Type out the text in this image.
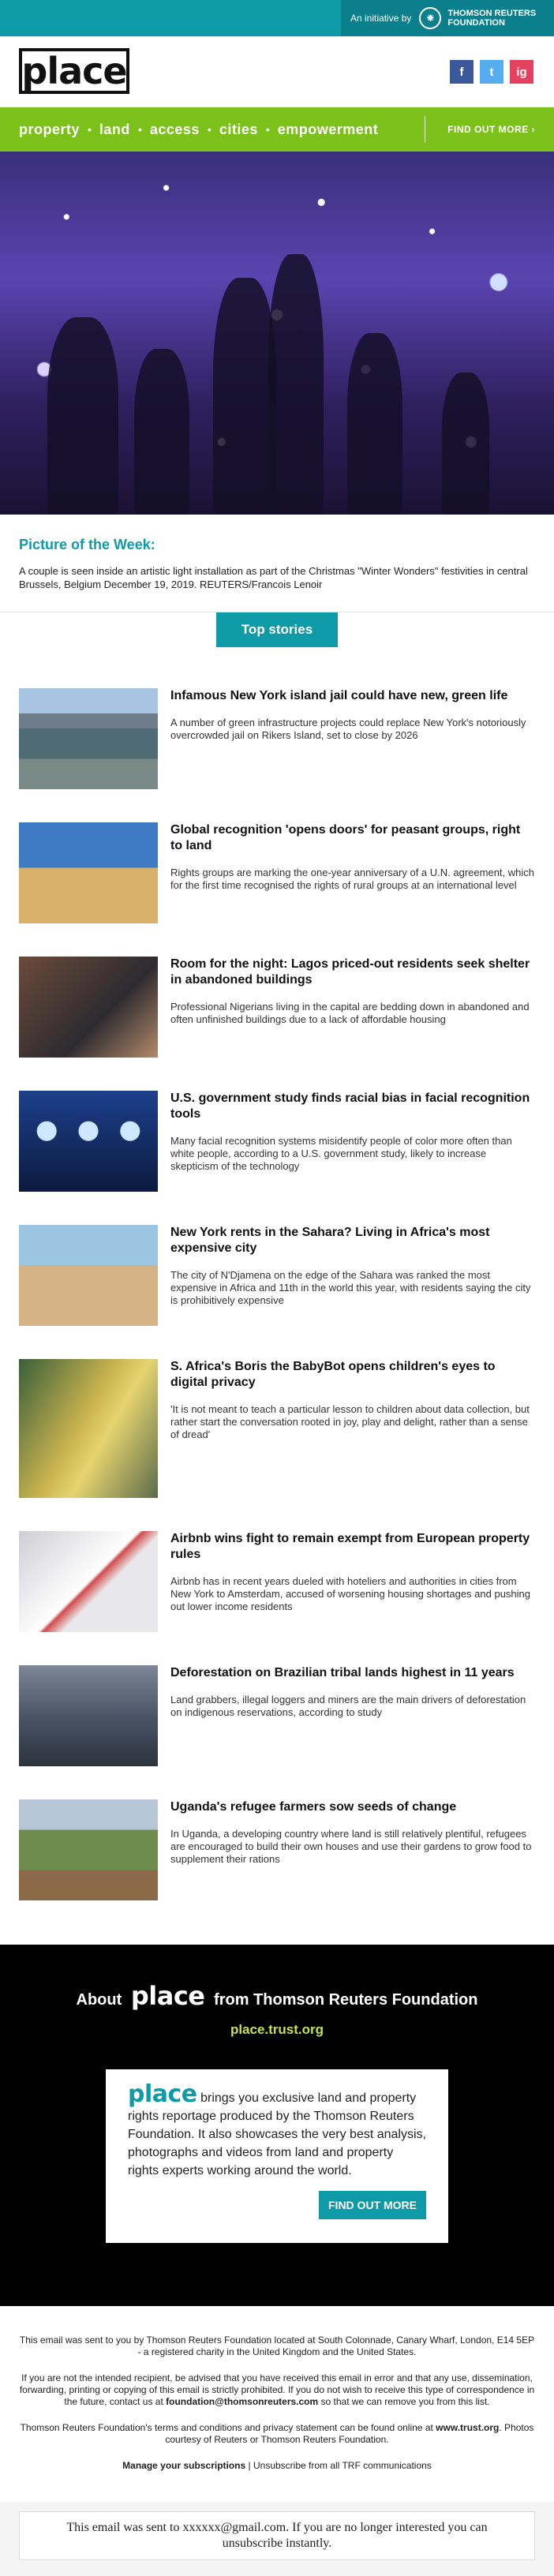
An initiative by	✺	THOMSON REUTERS
FOUNDATION
place	f	t	ig
property • land • access • cities • empowerment	FIND OUT MORE ›
Picture of the Week:
A couple is seen inside an artistic light installation as part of the Christmas "Winter Wonders" festivities in central Brussels, Belgium December 19, 2019. REUTERS/Francois Lenoir
Top stories
Infamous New York island jail could have new, green life
A number of green infrastructure projects could replace New York's notoriously overcrowded jail on Rikers Island, set to close by 2026
Global recognition 'opens doors' for peasant groups, right to land
Rights groups are marking the one-year anniversary of a U.N. agreement, which for the first time recognised the rights of rural groups at an international level
Room for the night: Lagos priced-out residents seek shelter in abandoned buildings
Professional Nigerians living in the capital are bedding down in abandoned and often unfinished buildings due to a lack of affordable housing
U.S. government study finds racial bias in facial recognition tools
Many facial recognition systems misidentify people of color more often than white people, according to a U.S. government study, likely to increase skepticism of the technology
New York rents in the Sahara? Living in Africa's most expensive city
The city of N'Djamena on the edge of the Sahara was ranked the most expensive in Africa and 11th in the world this year, with residents saying the city is prohibitively expensive
S. Africa's Boris the BabyBot opens children's eyes to digital privacy
'It is not meant to teach a particular lesson to children about data collection, but rather start the conversation rooted in joy, play and delight, rather than a sense of dread'
Airbnb wins fight to remain exempt from European property rules
Airbnb has in recent years dueled with hoteliers and authorities in cities from New York to Amsterdam, accused of worsening housing shortages and pushing out lower income residents
Deforestation on Brazilian tribal lands highest in 11 years
Land grabbers, illegal loggers and miners are the main drivers of deforestation on indigenous reservations, according to study
Uganda's refugee farmers sow seeds of change
In Uganda, a developing country where land is still relatively plentiful, refugees are encouraged to build their own houses and use their gardens to grow food to supplement their rations
About place from Thomson Reuters Foundation
place.trust.org
place brings you exclusive land and property rights reportage produced by the Thomson Reuters Foundation. It also showcases the very best analysis, photographs and videos from land and property rights experts working around the world.
FIND OUT MORE

This email was sent to you by Thomson Reuters Foundation located at South Colonnade, Canary Wharf, London, E14 5EP - a registered charity in the United Kingdom and the United States.

If you are not the intended recipient, be advised that you have received this email in error and that any use, dissemination, forwarding, printing or copying of this email is strictly prohibited. If you do not wish to receive this type of correspondence in the future, contact us at foundation@thomsonreuters.com so that we can remove you from this list.

Thomson Reuters Foundation's terms and conditions and privacy statement can be found online at www.trust.org. Photos courtesy of Reuters or Thomson Reuters Foundation.

Manage your subscriptions | Unsubscribe from all TRF communications

This email was sent to xxxxxx@gmail.com. If you are no longer interested you can unsubscribe instantly.
